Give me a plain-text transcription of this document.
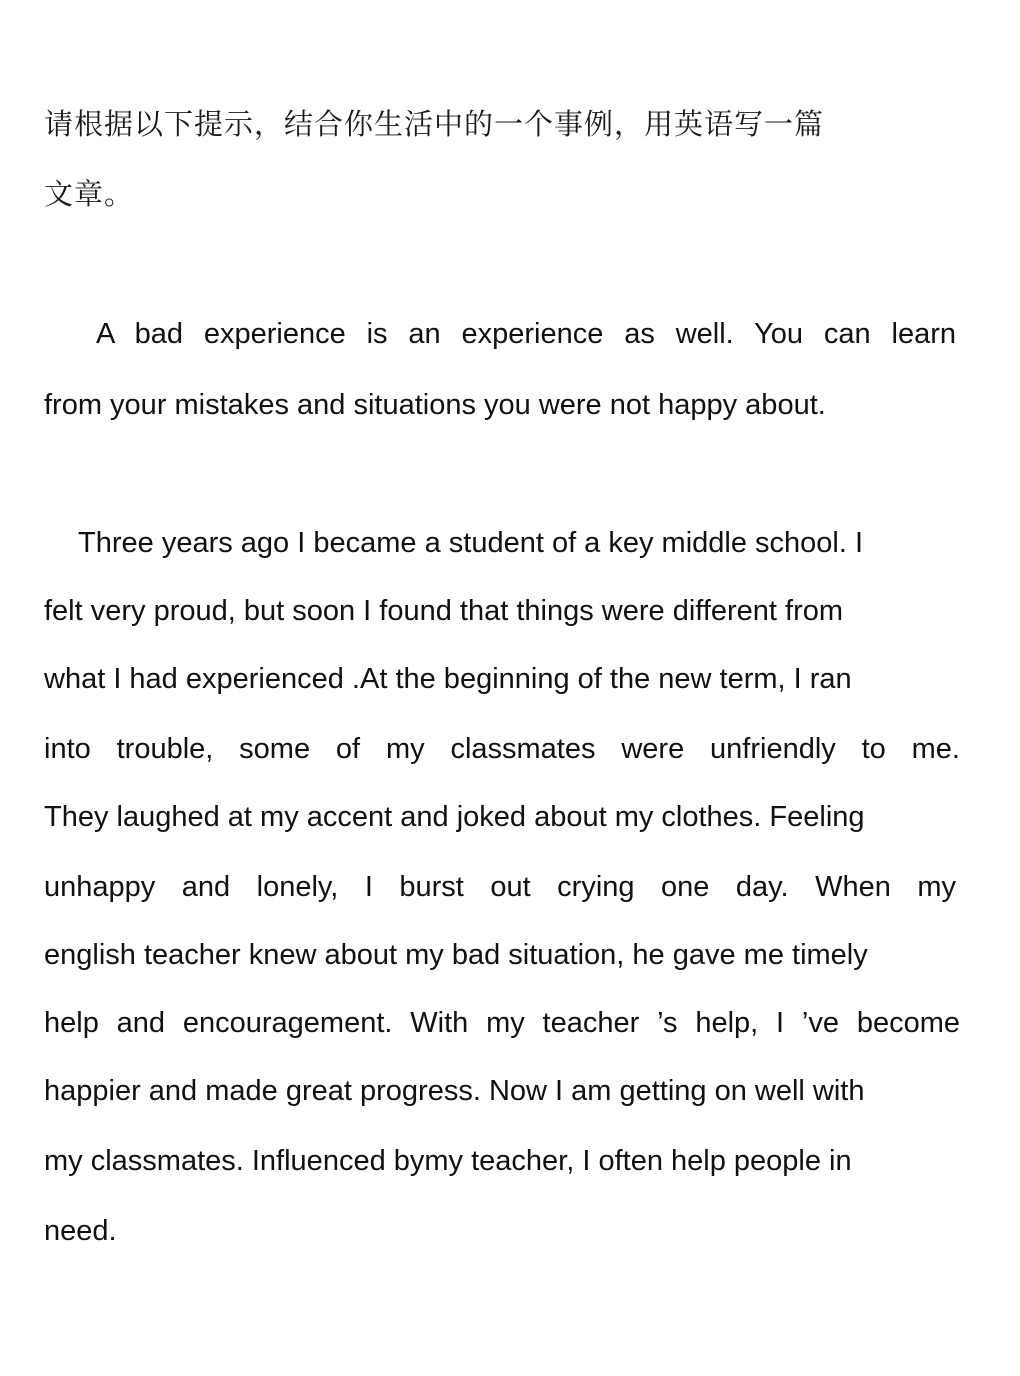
请根据以下提示，结合你生活中的一个事例，用英语写一篇

文章。

A bad experience is an experience as well. You can learn

from your mistakes and situations you were not happy about.

Three years ago I became a student of a key middle school. I

felt very proud, but soon I found that things were different from

what I had experienced .At the beginning of the new term, I ran

into trouble, some of my classmates were unfriendly to me.

They laughed at my accent and joked about my clothes. Feeling

unhappy and lonely, I burst out crying one day. When my

english teacher knew about my bad situation, he gave me timely

help and encouragement. With my teacher ’s help, I ’ve become

happier and made great progress. Now I am getting on well with

my classmates. Influenced bymy teacher, I often help people in

need.
